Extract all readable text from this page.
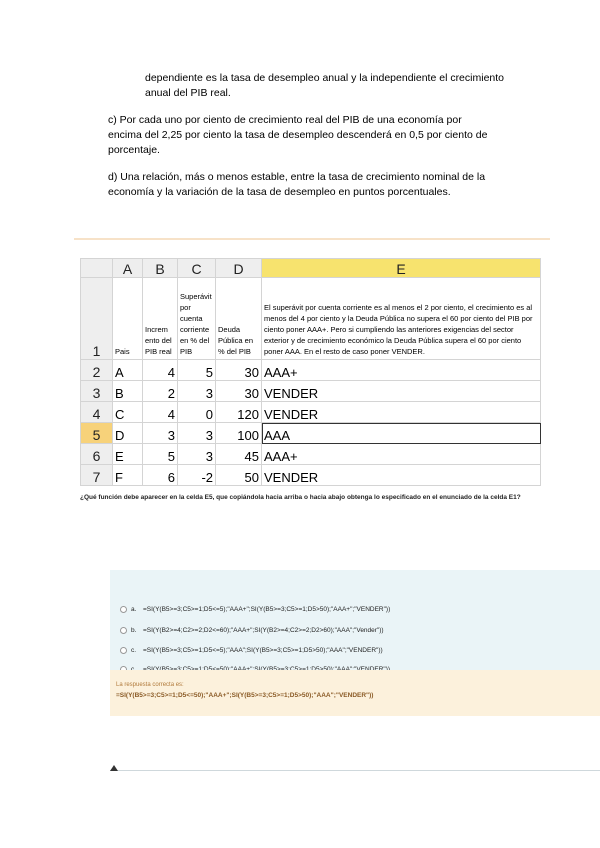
dependiente es la tasa de desempleo anual y la independiente el crecimiento
anual del PIB real.
c) Por cada uno por ciento de crecimiento real del PIB de una economía por
encima del 2,25 por ciento la tasa de desempleo descenderá en 0,5 por ciento de
porcentaje.
d) Una relación, más o menos estable, entre la tasa de crecimiento nominal de la
economía y la variación de la tasa de desempleo en puntos porcentuales.
	A	B	C	D	E
1	Pais	Increm ento del PIB real	Superávit por cuenta corriente en % del PIB	Deuda Pública en % del PIB	El superávit por cuenta corriente es al menos el 2 por ciento, el crecimiento es al menos del 4 por ciento y la Deuda Pública no supera el 60 por ciento del PIB por ciento poner AAA+. Pero si cumpliendo las anteriores exigencias del sector exterior y de crecimiento económico la Deuda Pública supera el 60 por ciento poner AAA. En el resto de caso poner VENDER.
2	A	4	5	30	AAA+
3	B	2	3	30	VENDER
4	C	4	0	120	VENDER
5	D	3	3	100	AAA
6	E	5	3	45	AAA+
7	F	6	-2	50	VENDER
¿Qué función debe aparecer en la celda E5, que copiándola hacia arriba o hacia abajo obtenga lo especificado en el enunciado de la celda E1?
a.	=SI(Y(B5>=3;C5>=1;D5<=5);"AAA+";SI(Y(B5>=3;C5>=1;D5>50);"AAA+";"VENDER"))
b.	=SI(Y(B2>=4;C2>=2;D2<=60);"AAA+";SI(Y(B2>=4;C2>=2;D2>60);"AAA";"Vender"))
c.	=SI(Y(B5>=3;C5>=1;D5<=5);"AAA";SI(Y(B5>=3;C5>=1;D5>50);"AAA";"VENDER"))
La respuesta correcta es:
=SI(Y(B5>=3;C5>=1;D5<=50);"AAA+";SI(Y(B5>=3;C5>=1;D5>50);"AAA";"VENDER"))
